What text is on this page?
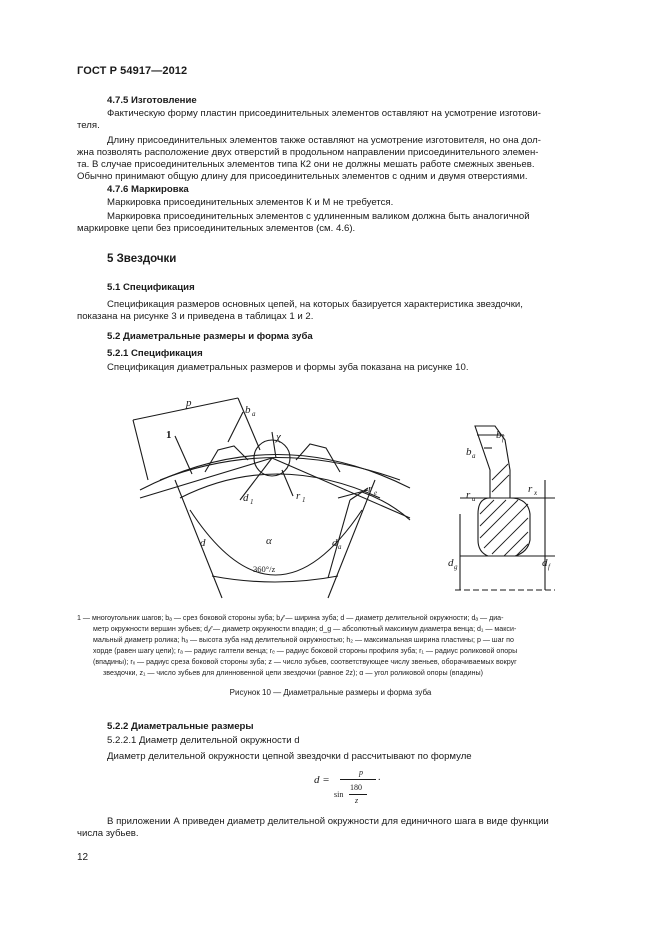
ГОСТ Р 54917—2012
4.7.5 Изготовление
Фактическую форму пластин присоединительных элементов оставляют на усмотрение изготови-
теля.
Длину присоединительных элементов также оставляют на усмотрение изготовителя, но она дол-
жна позволять расположение двух отверстий в продольном направлении присоединительного элемен-
та. В случае присоединительных элементов типа К2 они не должны мешать работе смежных звеньев.
Обычно принимают общую длину для присоединительных элементов с одним и двумя отверстиями.
4.7.6 Маркировка
Маркировка присоединительных элементов К и М не требуется.
Маркировка присоединительных элементов с удлиненным валиком должна быть аналогичной
маркировке цепи без присоединительных элементов (см. 4.6).
5 Звездочки
5.1 Спецификация
Спецификация размеров основных цепей, на которых базируется характеристика звездочки,
показана на рисунке 3 и приведена в таблицах 1 и 2.
5.2 Диаметральные размеры и форма зуба
5.2.1 Спецификация
Спецификация диаметральных размеров и формы зуба показана на рисунке 10.
p
b a
1	χ
d 1	r 1
r e
d	α
360°/z
d a
b f
b a
r a
r x
d g	d f
1 — многоугольник шагов; bₐ — срез боковой стороны зуба; b𝒻 — ширина зуба; d — диаметр делительной окружности; dₐ — диа-
метр окружности вершин зубьев; d𝒻 — диаметр окружности впадин; d_g — абсолютный максимум диаметра венца; d₁ — макси-
мальный диаметр ролика; hₐ — высота зуба над делительной окружностью; h₂ — максимальная ширина пластины; p — шаг по
хорде (равен шагу цепи); rₐ — радиус галтели венца; rₑ — радиус боковой стороны профиля зуба; r₁ — радиус роликовой опоры
(впадины); rₓ — радиус среза боковой стороны зуба; z — число зубьев, соответствующее числу звеньев, оборачиваемых вокруг
звездочки, z₁ — число зубьев для длинновенной цепи звездочки (равное 2z); α — угол роликовой опоры (впадины)
Рисунок 10 — Диаметральные размеры и форма зуба
5.2.2 Диаметральные размеры
5.2.2.1 Диаметр делительной окружности d
Диаметр делительной окружности цепной звездочки d рассчитывают по формуле
d =
p
sin
180
z
.
В приложении А приведен диаметр делительной окружности для единичного шага в виде функции
числа зубьев.
12
